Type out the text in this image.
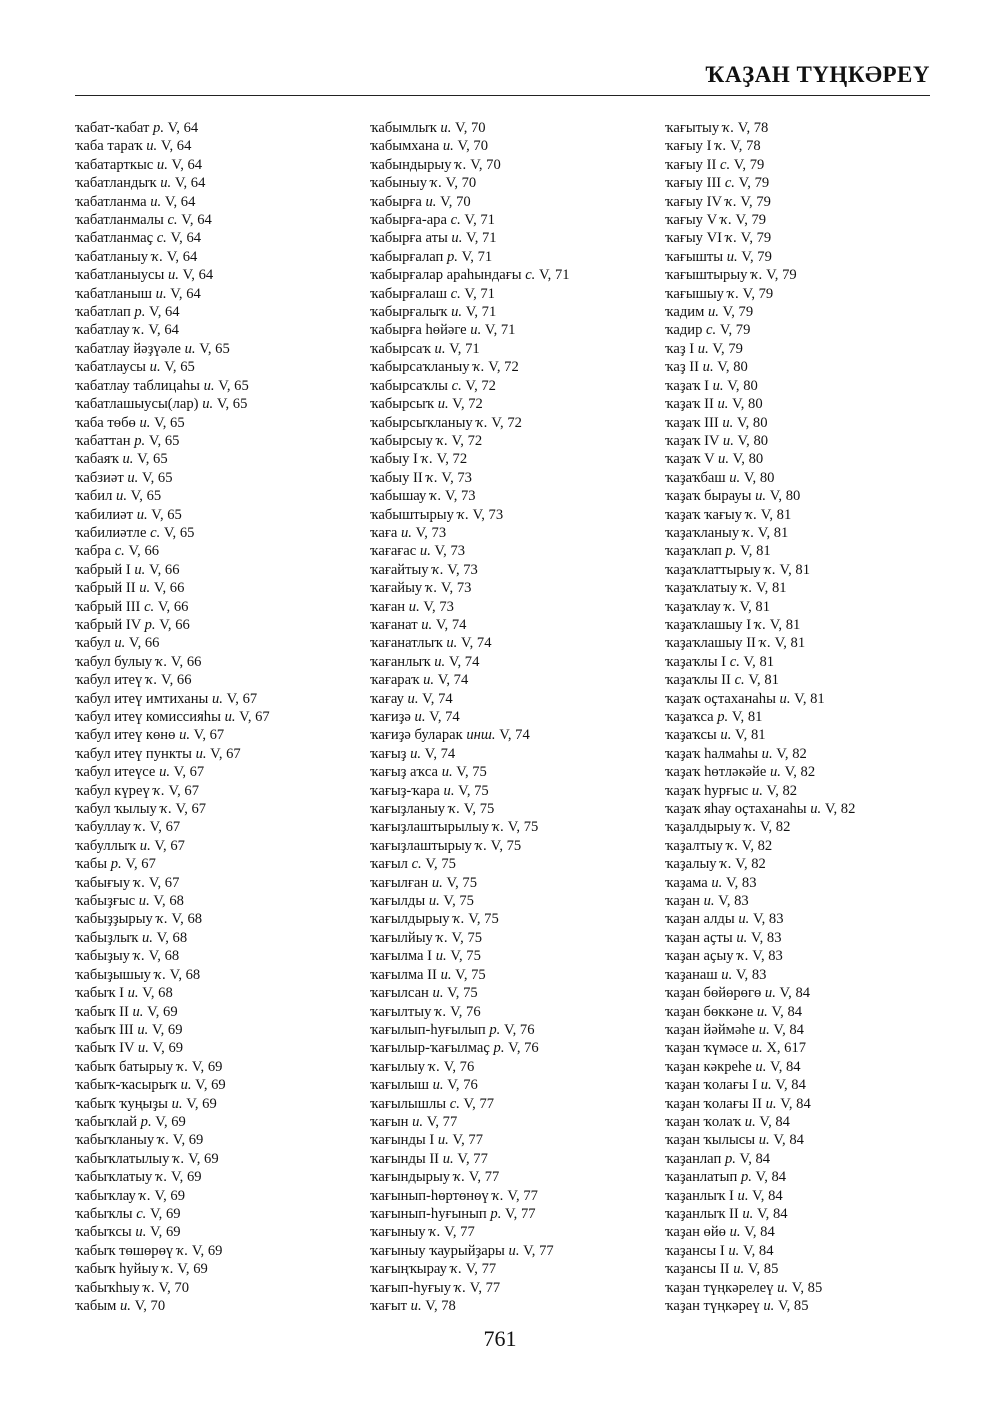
ҠАҘАН ТҮҢКӘРЕҮ
ҡабат-ҡабат р. V, 64
ҡаба тараҡ и. V, 64
ҡабатарткыс и. V, 64
ҡабатландыҡ и. V, 64
ҡабатланма и. V, 64
ҡабатланмалы с. V, 64
ҡабатланмаҫ с. V, 64
ҡабатланыу ҡ. V, 64
ҡабатланыусы и. V, 64
ҡабатланыш и. V, 64
ҡабатлап р. V, 64
ҡабатлау ҡ. V, 64
ҡабатлау йәҙүәле и. V, 65
ҡабатлаусы и. V, 65
ҡабатлау таблицаһы и. V, 65
ҡабатлашыусы(лар) и. V, 65
ҡаба төбө и. V, 65
ҡабаттан р. V, 65
ҡабаяҡ и. V, 65
ҡабзиәт и. V, 65
ҡабил и. V, 65
ҡабилиәт и. V, 65
ҡабилиәтле с. V, 65
ҡабра с. V, 66
ҡабрый I и. V, 66
ҡабрый II и. V, 66
ҡабрый III с. V, 66
ҡабрый IV р. V, 66
ҡабул и. V, 66
ҡабул булыу ҡ. V, 66
ҡабул итеү ҡ. V, 66
ҡабул итеү имтиханы и. V, 67
ҡабул итеү комиссияһы и. V, 67
ҡабул итеү көнө и. V, 67
ҡабул итеү пункты и. V, 67
ҡабул итеүсе и. V, 67
ҡабул күреү ҡ. V, 67
ҡабул ҡылыу ҡ. V, 67
ҡабуллау ҡ. V, 67
ҡабуллыҡ и. V, 67
ҡабы р. V, 67
ҡабығыу ҡ. V, 67
ҡабыҙғыс и. V, 68
ҡабыҙҙырыу ҡ. V, 68
ҡабыҙлыҡ и. V, 68
ҡабыҙыу ҡ. V, 68
ҡабыҙышыу ҡ. V, 68
ҡабыҡ I и. V, 68
ҡабыҡ II и. V, 69
ҡабыҡ III и. V, 69
ҡабыҡ IV и. V, 69
ҡабыҡ батырыу ҡ. V, 69
ҡабыҡ-ҡасырыҡ и. V, 69
ҡабыҡ ҡуңыҙы и. V, 69
ҡабыҡлай р. V, 69
ҡабыҡланыу ҡ. V, 69
ҡабыҡлатылыу ҡ. V, 69
ҡабыҡлатыу ҡ. V, 69
ҡабыҡлау ҡ. V, 69
ҡабыҡлы с. V, 69
ҡабыҡсы и. V, 69
ҡабыҡ төшөрөү ҡ. V, 69
ҡабыҡ һуйыу ҡ. V, 69
ҡабыҡһыу ҡ. V, 70
ҡабым и. V, 70
ҡабымлыҡ и. V, 70
ҡабымхана и. V, 70
ҡабындырыу ҡ. V, 70
ҡабыныу ҡ. V, 70
ҡабырға и. V, 70
ҡабырға-ара с. V, 71
ҡабырға аты и. V, 71
ҡабырғалап р. V, 71
ҡабырғалар араһындағы с. V, 71
ҡабырғалаш с. V, 71
ҡабырғалыҡ и. V, 71
ҡабырға һөйәге и. V, 71
ҡабырсаҡ и. V, 71
ҡабырсаҡланыу ҡ. V, 72
ҡабырсаҡлы с. V, 72
ҡабырсыҡ и. V, 72
ҡабырсыҡланыу ҡ. V, 72
ҡабырсыу ҡ. V, 72
ҡабыу I ҡ. V, 72
ҡабыу II ҡ. V, 73
ҡабышау ҡ. V, 73
ҡабыштырыу ҡ. V, 73
ҡаға и. V, 73
ҡағағас и. V, 73
ҡағайтыу ҡ. V, 73
ҡағайыу ҡ. V, 73
ҡаған и. V, 73
ҡағанат и. V, 74
ҡағанатлыҡ и. V, 74
ҡағанлыҡ и. V, 74
ҡағараҡ и. V, 74
ҡағау и. V, 74
ҡағиҙә и. V, 74
ҡағиҙә буларак инш. V, 74
ҡағыҙ и. V, 74
ҡағыҙ аҡса и. V, 75
ҡағыҙ-ҡара и. V, 75
ҡағыҙланыу ҡ. V, 75
ҡағыҙлаштырылыу ҡ. V, 75
ҡағыҙлаштырыу ҡ. V, 75
ҡағыл с. V, 75
ҡағылған и. V, 75
ҡағылды и. V, 75
ҡағылдырыу ҡ. V, 75
ҡағылйыу ҡ. V, 75
ҡағылма I и. V, 75
ҡағылма II и. V, 75
ҡағылсан и. V, 75
ҡағылтыу ҡ. V, 76
ҡағылып-һуғылып р. V, 76
ҡағылыр-ҡағылмаҫ р. V, 76
ҡағылыу ҡ. V, 76
ҡағылыш и. V, 76
ҡағылышлы с. V, 77
ҡағын и. V, 77
ҡағынды I и. V, 77
ҡағынды II и. V, 77
ҡағындырыу ҡ. V, 77
ҡағынып-һөртөнөү ҡ. V, 77
ҡағынып-һуғынып р. V, 77
ҡағыныу ҡ. V, 77
ҡағыныу ҡаурыйҙары и. V, 77
ҡағыңҡырау ҡ. V, 77
ҡағып-һуғыу ҡ. V, 77
ҡағыт и. V, 78
ҡағытыу ҡ. V, 78
ҡағыу I ҡ. V, 78
ҡағыу II с. V, 79
ҡағыу III с. V, 79
ҡағыу IV ҡ. V, 79
ҡағыу V ҡ. V, 79
ҡағыу VI ҡ. V, 79
ҡағышты и. V, 79
ҡағыштырыу ҡ. V, 79
ҡағышыу ҡ. V, 79
ҡадим и. V, 79
ҡадир с. V, 79
ҡаҙ I и. V, 79
ҡаҙ II и. V, 80
ҡаҙаҡ I и. V, 80
ҡаҙаҡ II и. V, 80
ҡаҙаҡ III и. V, 80
ҡаҙаҡ IV и. V, 80
ҡаҙаҡ V и. V, 80
ҡаҙаҡбаш и. V, 80
ҡаҙаҡ бырауы и. V, 80
ҡаҙаҡ ҡағыу ҡ. V, 81
ҡаҙаҡланыу ҡ. V, 81
ҡаҙаҡлап р. V, 81
ҡаҙаҡлаттырыу ҡ. V, 81
ҡаҙаҡлатыу ҡ. V, 81
ҡаҙаҡлау ҡ. V, 81
ҡаҙаҡлашыу I ҡ. V, 81
ҡаҙаҡлашыу II ҡ. V, 81
ҡаҙаҡлы I с. V, 81
ҡаҙаҡлы II с. V, 81
ҡаҙаҡ оҫтаханаһы и. V, 81
ҡаҙаҡса р. V, 81
ҡаҙаҡсы и. V, 81
ҡаҙаҡ һалмаһы и. V, 82
ҡаҙаҡ һөтләкәйе и. V, 82
ҡаҙаҡ һурғыс и. V, 82
ҡаҙаҡ яһау оҫтаханаһы и. V, 82
ҡаҙалдырыу ҡ. V, 82
ҡаҙалтыу ҡ. V, 82
ҡаҙалыу ҡ. V, 82
ҡаҙама и. V, 83
ҡаҙан и. V, 83
ҡаҙан алды и. V, 83
ҡаҙан аҫты и. V, 83
ҡаҙан аҫыу ҡ. V, 83
ҡаҙанаш и. V, 83
ҡаҙан бөйөрөгө и. V, 84
ҡаҙан бөккәне и. V, 84
ҡаҙан йәймәһе и. V, 84
ҡаҙан ҡүмәсе и. X, 617
ҡаҙан кәкреһе и. V, 84
ҡаҙан ҡолағы I и. V, 84
ҡаҙан ҡолағы II и. V, 84
ҡаҙан ҡолаҡ и. V, 84
ҡаҙан ҡылысы и. V, 84
ҡаҙанлап р. V, 84
ҡаҙанлатып р. V, 84
ҡаҙанлыҡ I и. V, 84
ҡаҙанлыҡ II и. V, 84
ҡаҙан өйө и. V, 84
ҡаҙансы I и. V, 84
ҡаҙансы II и. V, 85
ҡаҙан түңкәрелеү и. V, 85
ҡаҙан түңкәреү и. V, 85
761
